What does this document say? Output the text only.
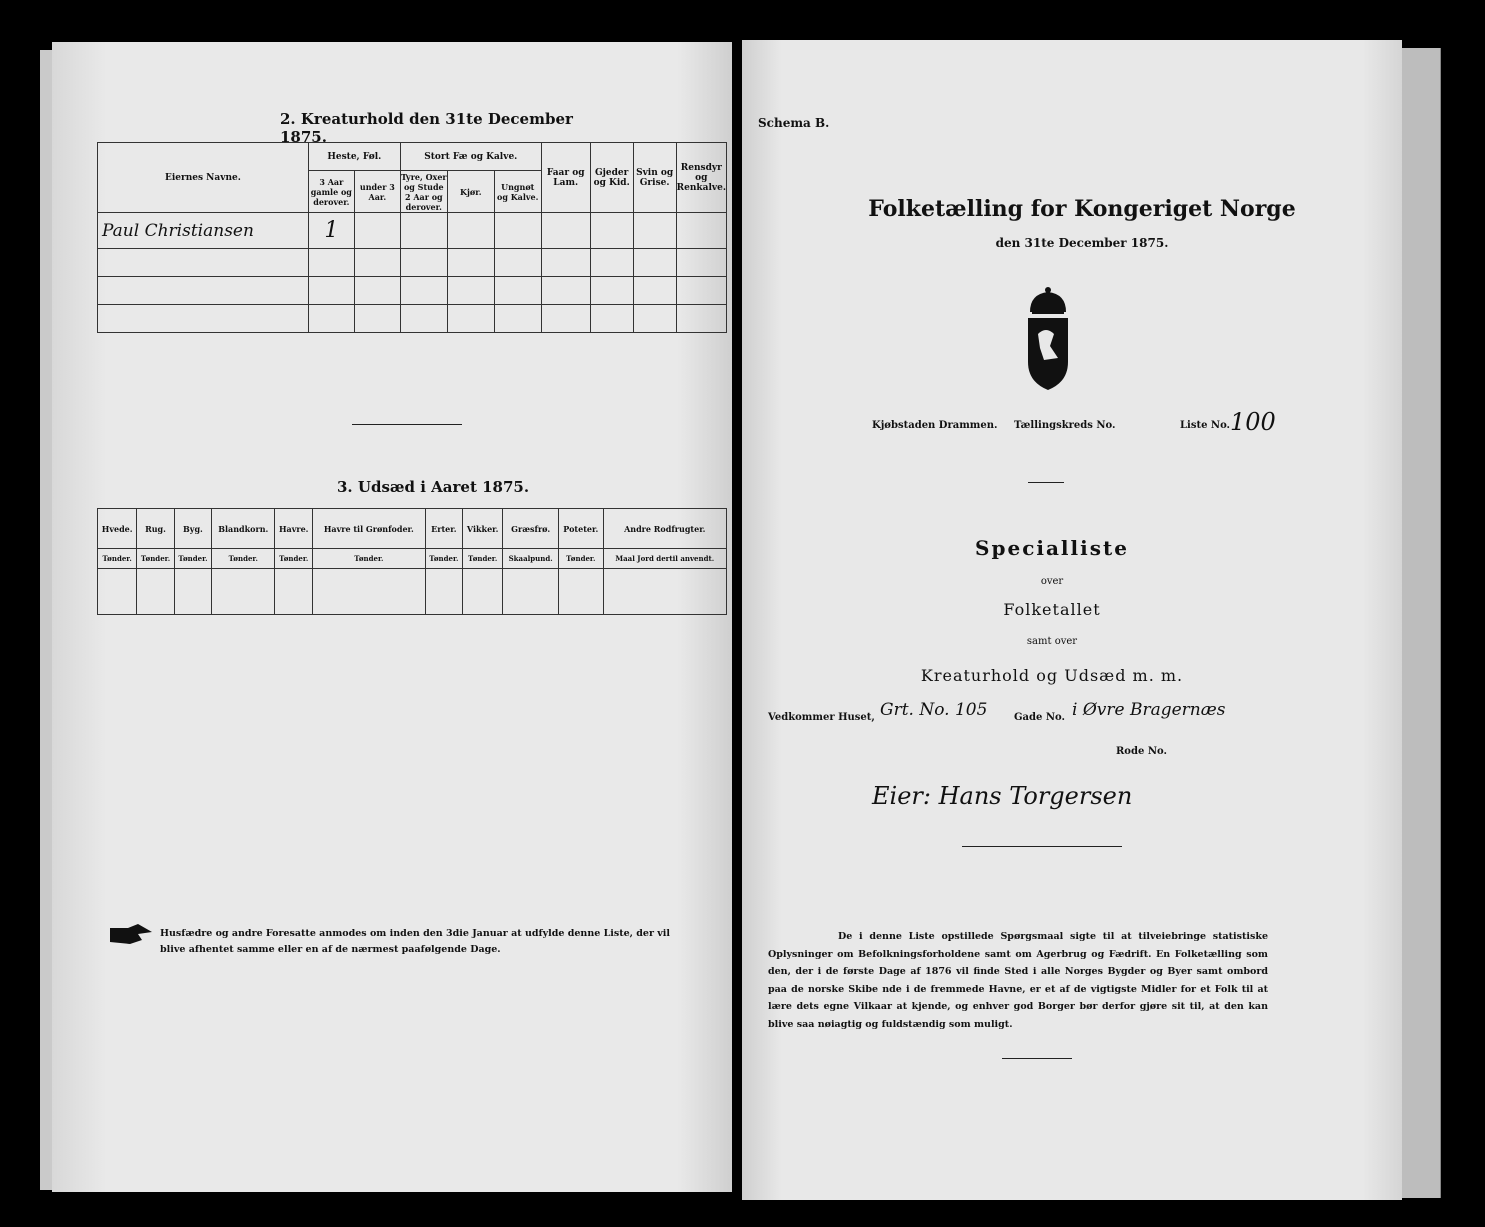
2. Kreaturhold den 31te December 1875.
Eiernes Navne.	Heste, Føl.		Stort Fæ og Kalve.			Faar og Lam.	Gjeder og Kid.	Svin og Grise.	Rensdyr og Renkalve.
	3 Aar gamle og derover.	under 3 Aar.	Tyre, Oxer og Stude 2 Aar og derover.	Kjør.	Ungnøt og Kalve.				
Paul Christiansen	1								

3. Udsæd i Aaret 1875.
Hvede.	Rug.	Byg.	Blandkorn.	Havre.	Havre til Grønfoder.	Erter.	Vikker.	Græsfrø.	Poteter.	Andre Rodfrugter.
Tønder.	Tønder.	Tønder.	Tønder.	Tønder.	Tønder.	Tønder.	Tønder.	Skaalpund.	Tønder.	Maal Jord dertil anvendt.

Husfædre og andre Foresatte anmodes om inden den 3die Januar at udfylde denne Liste, der vil blive afhentet samme eller en af de nærmest paafølgende Dage.
Schema B.
Folketælling for Kongeriget Norge
den 31te December 1875.
Kjøbstaden Drammen. Tællingskreds No.	Liste No. 100
Specialliste
over
Folketallet
samt over
Kreaturhold og Udsæd m. m.
Vedkommer Huset, Grt. No. 105	Gade No. i Øvre Bragernæs
Rode No.
Eier: Hans Torgersen
De i denne Liste opstillede Spørgsmaal sigte til at tilveiebringe statistiske Oplysninger om Befolkningsforholdene samt om Agerbrug og Fædrift. En Folketælling som den, der i de første Dage af 1876 vil finde Sted i alle Norges Bygder og Byer samt ombord paa de norske Skibe nde i de fremmede Havne, er et af de vigtigste Midler for et Folk til at lære dets egne Vilkaar at kjende, og enhver god Borger bør derfor gjøre sit til, at den kan blive saa nøiagtig og fuldstændig som muligt.
